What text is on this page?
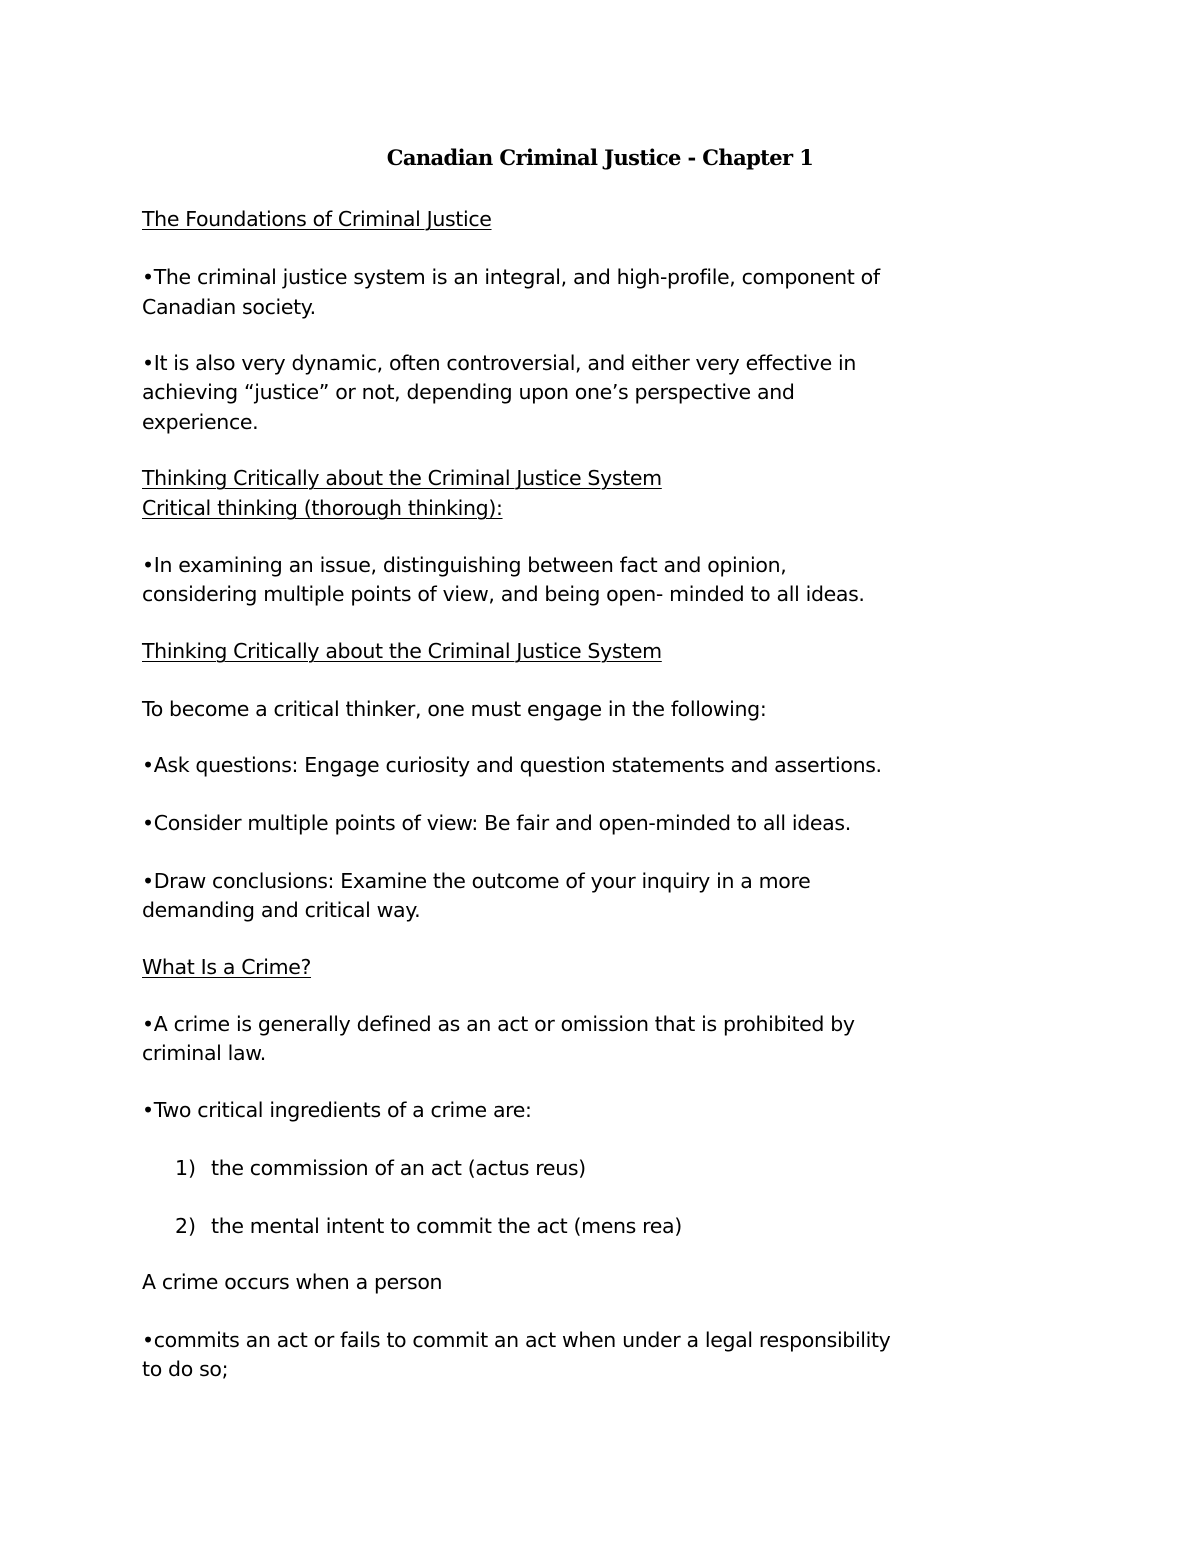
Canadian Criminal Justice - Chapter 1

The Foundations of Criminal Justice

•The criminal justice system is an integral, and high-profile, component of

Canadian society.

•It is also very dynamic, often controversial, and either very effective in

achieving “justice” or not, depending upon one’s perspective and

experience.

Thinking Critically about the Criminal Justice System

Critical thinking (thorough thinking):

•In examining an issue, distinguishing between fact and opinion,

considering multiple points of view, and being open- minded to all ideas.

Thinking Critically about the Criminal Justice System

To become a critical thinker, one must engage in the following:

•Ask questions: Engage curiosity and question statements and assertions.

•Consider multiple points of view: Be fair and open-minded to all ideas.

•Draw conclusions: Examine the outcome of your inquiry in a more

demanding and critical way.

What Is a Crime?

•A crime is generally defined as an act or omission that is prohibited by

criminal law.

•Two critical ingredients of a crime are:

1) the commission of an act (actus reus)

2) the mental intent to commit the act (mens rea)

A crime occurs when a person

•commits an act or fails to commit an act when under a legal responsibility

to do so;
